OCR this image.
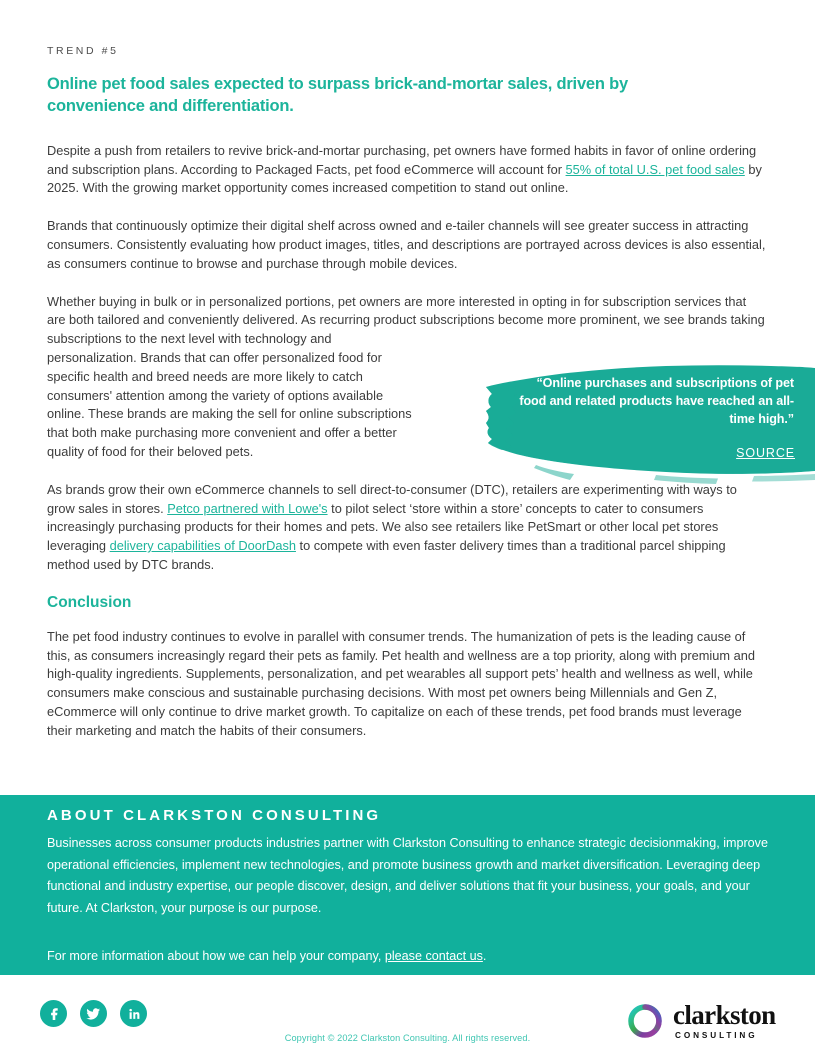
TREND #5
Online pet food sales expected to surpass brick-and-mortar sales, driven by convenience and differentiation.

Despite a push from retailers to revive brick-and-mortar purchasing, pet owners have formed habits in favor of online ordering and subscription plans. According to Packaged Facts, pet food eCommerce will account for 55% of total U.S. pet food sales by 2025. With the growing market opportunity comes increased competition to stand out online.

Brands that continuously optimize their digital shelf across owned and e-tailer channels will see greater success in attracting consumers. Consistently evaluating how product images, titles, and descriptions are portrayed across devices is also essential, as consumers continue to browse and purchase through mobile devices.

Whether buying in bulk or in personalized portions, pet owners are more interested in opting in for subscription services that are both tailored and conveniently delivered. As recurring product subscriptions become more prominent, we see brands taking subscriptions to the next level with technology and personalization. Brands that can offer personalized food for specific health and breed needs are more likely to catch consumers' attention among the variety of options available online. These brands are making the sell for online subscriptions that both make purchasing more convenient and offer a better quality of food for their beloved pets.

As brands grow their own eCommerce channels to sell direct-to-consumer (DTC), retailers are experimenting with ways to grow sales in stores. Petco partnered with Lowe's to pilot select ‘store within a store’ concepts to cater to consumers increasingly purchasing products for their homes and pets. We also see retailers like PetSmart or other local pet stores leveraging delivery capabilities of DoorDash to compete with even faster delivery times than a traditional parcel shipping method used by DTC brands.

Conclusion

The pet food industry continues to evolve in parallel with consumer trends. The humanization of pets is the leading cause of this, as consumers increasingly regard their pets as family. Pet health and wellness are a top priority, along with premium and high-quality ingredients. Supplements, personalization, and pet wearables all support pets’ health and wellness as well, while consumers make conscious and sustainable purchasing decisions. With most pet owners being Millennials and Gen Z, eCommerce will only continue to drive market growth. To capitalize on each of these trends, pet food brands must leverage their marketing and match the habits of their consumers.

“Online purchases and subscriptions of pet food and related products have reached an all-time high.”
SOURCE
ABOUT CLARKSTON CONSULTING

Businesses across consumer products industries partner with Clarkston Consulting to enhance strategic decisionmaking, improve operational efficiencies, implement new technologies, and promote business growth and market diversification. Leveraging deep functional and industry expertise, our people discover, design, and deliver solutions that fit your business, your goals, and your future. At Clarkston, your purpose is our purpose.

For more information about how we can help your company, please contact us.

Copyright © 2022 Clarkston Consulting. All rights reserved.
clarkston
CONSULTING
